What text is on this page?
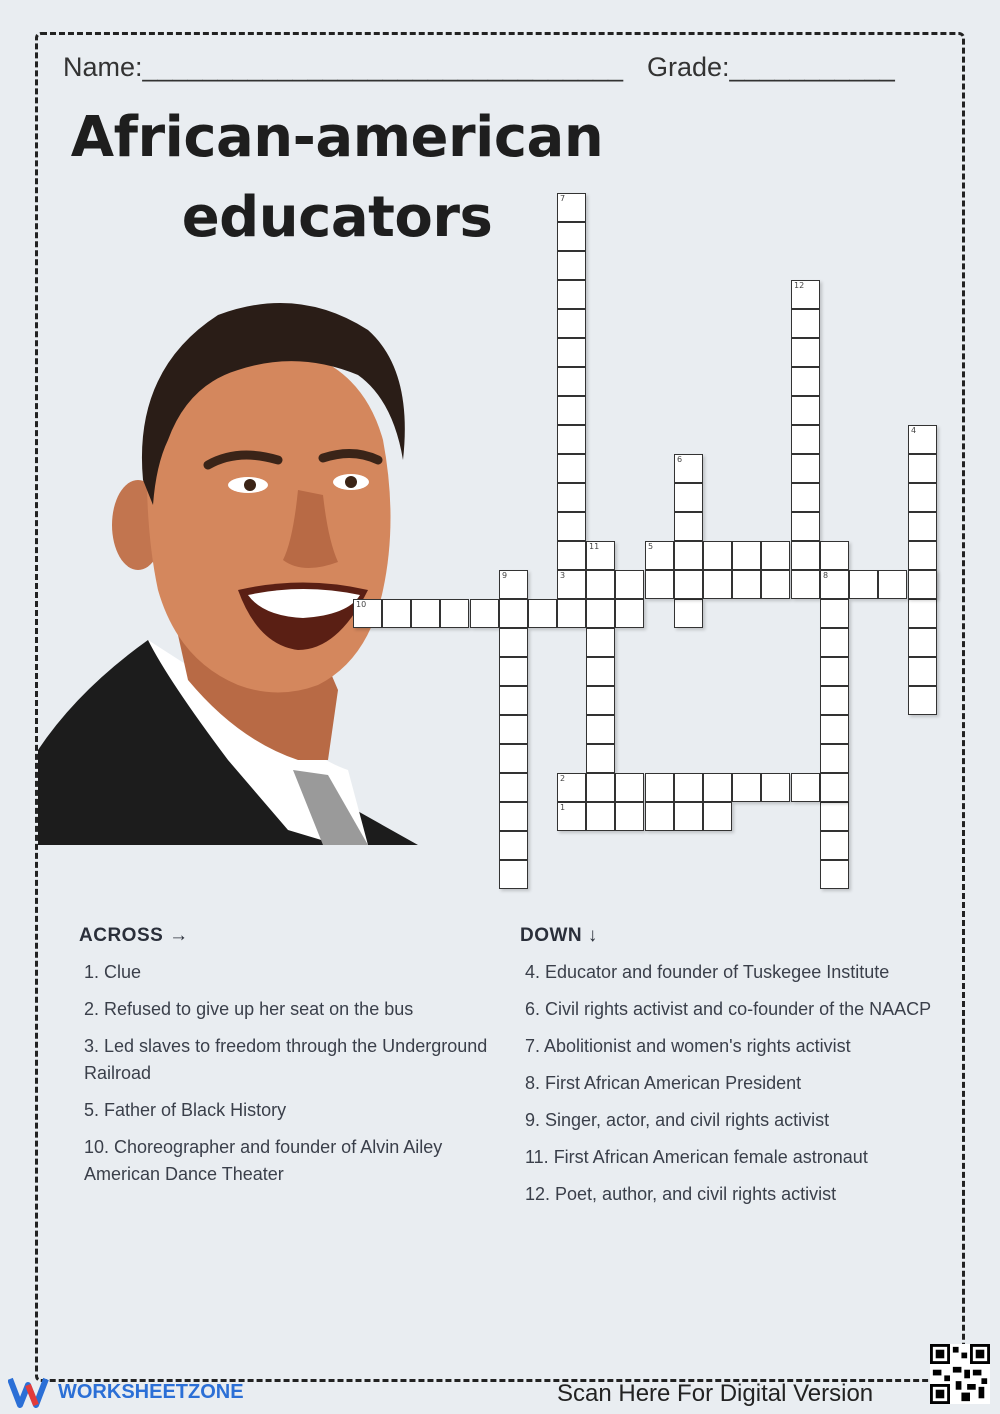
Name:________________________________ Grade:___________
African-american
educators	7
12
4
6
11	5
9	3	8
10
2
1
ACROSS →
1. Clue
2. Refused to give up her seat on the bus
3. Led slaves to freedom through the Underground Railroad
5. Father of Black History
10. Choreographer and founder of Alvin Ailey American Dance Theater
DOWN ↓
4. Educator and founder of Tuskegee Institute
6. Civil rights activist and co-founder of the NAACP
7. Abolitionist and women's rights activist
8. First African American President
9. Singer, actor, and civil rights activist
11. First African American female astronaut
12. Poet, author, and civil rights activist
WORKSHEETZONE	Scan Here For Digital Version
